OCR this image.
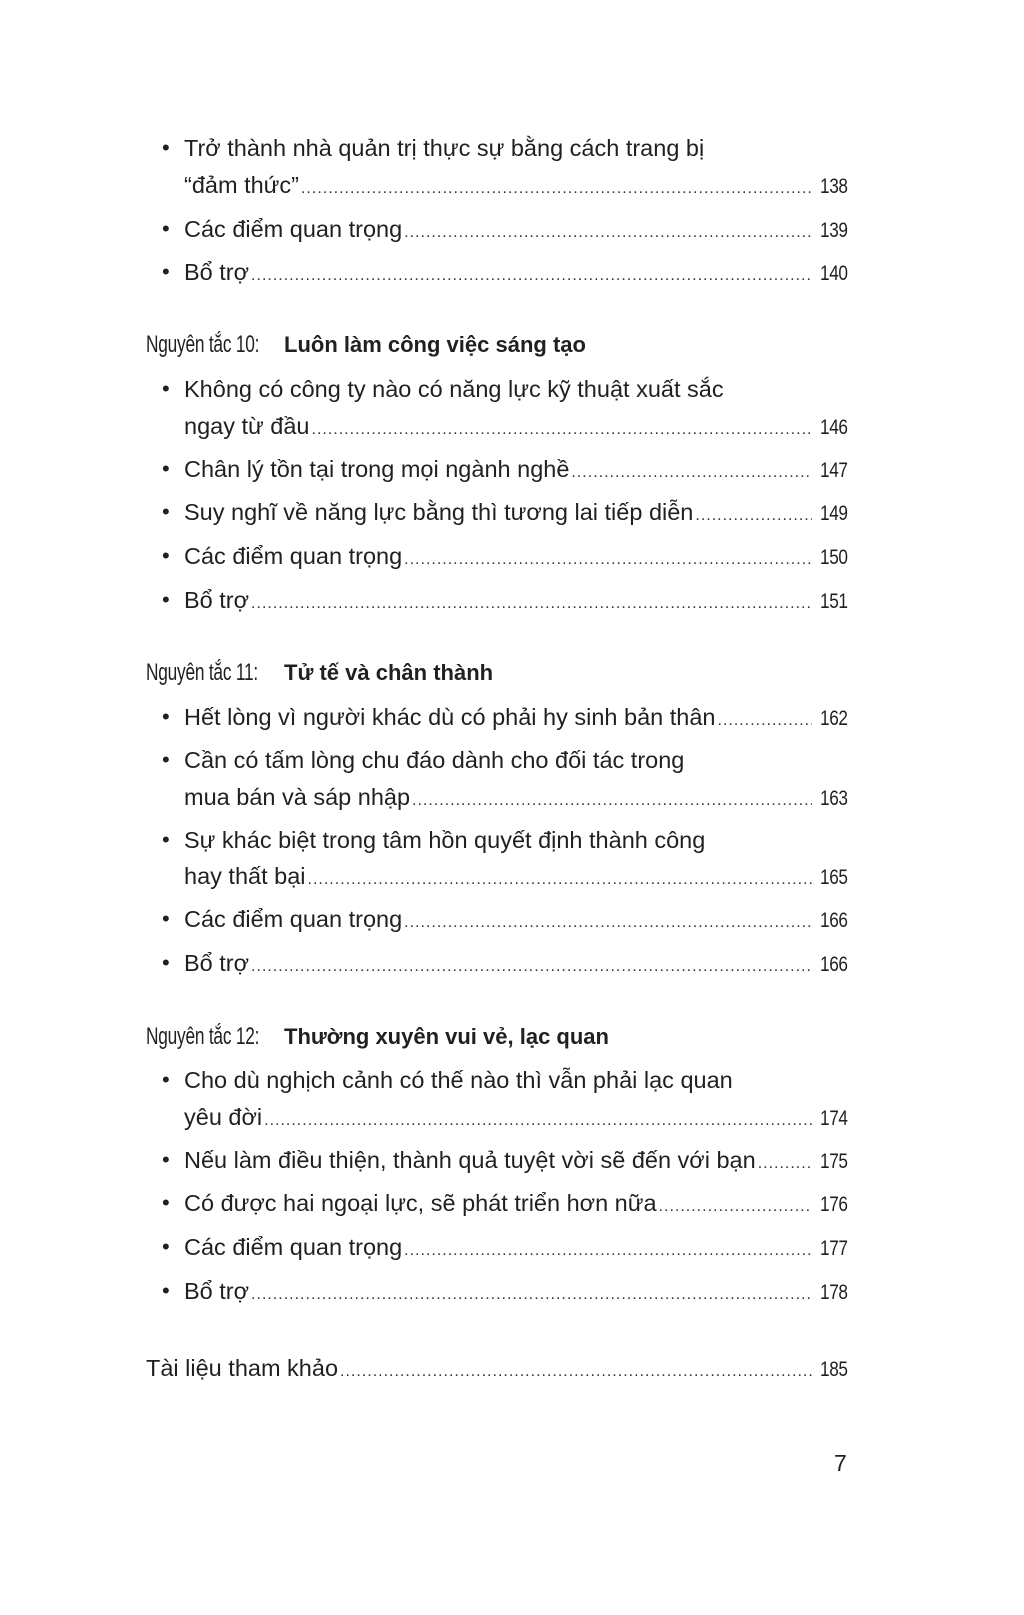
• Trở thành nhà quản trị thực sự bằng cách trang bị
“đảm thức” .....	138
• Các điểm quan trọng .....	139
• Bổ trợ .....	140
Nguyên tắc 10: Luôn làm công việc sáng tạo
• Không có công ty nào có năng lực kỹ thuật xuất sắc
ngay từ đầu .....	146
• Chân lý tồn tại trong mọi ngành nghề .....	147
• Suy nghĩ về năng lực bằng thì tương lai tiếp diễn .....	149
• Các điểm quan trọng .....	150
• Bổ trợ .....	151
Nguyên tắc 11: Tử tế và chân thành
• Hết lòng vì người khác dù có phải hy sinh bản thân .....	162
• Cần có tấm lòng chu đáo dành cho đối tác trong
mua bán và sáp nhập .....	163
• Sự khác biệt trong tâm hồn quyết định thành công
hay thất bại .....	165
• Các điểm quan trọng .....	166
• Bổ trợ .....	166
Nguyên tắc 12: Thường xuyên vui vẻ, lạc quan
• Cho dù nghịch cảnh có thế nào thì vẫn phải lạc quan
yêu đời .....	174
• Nếu làm điều thiện, thành quả tuyệt vời sẽ đến với bạn .....	175
• Có được hai ngoại lực, sẽ phát triển hơn nữa .....	176
• Các điểm quan trọng .....	177
• Bổ trợ .....	178
Tài liệu tham khảo .....	185
7
